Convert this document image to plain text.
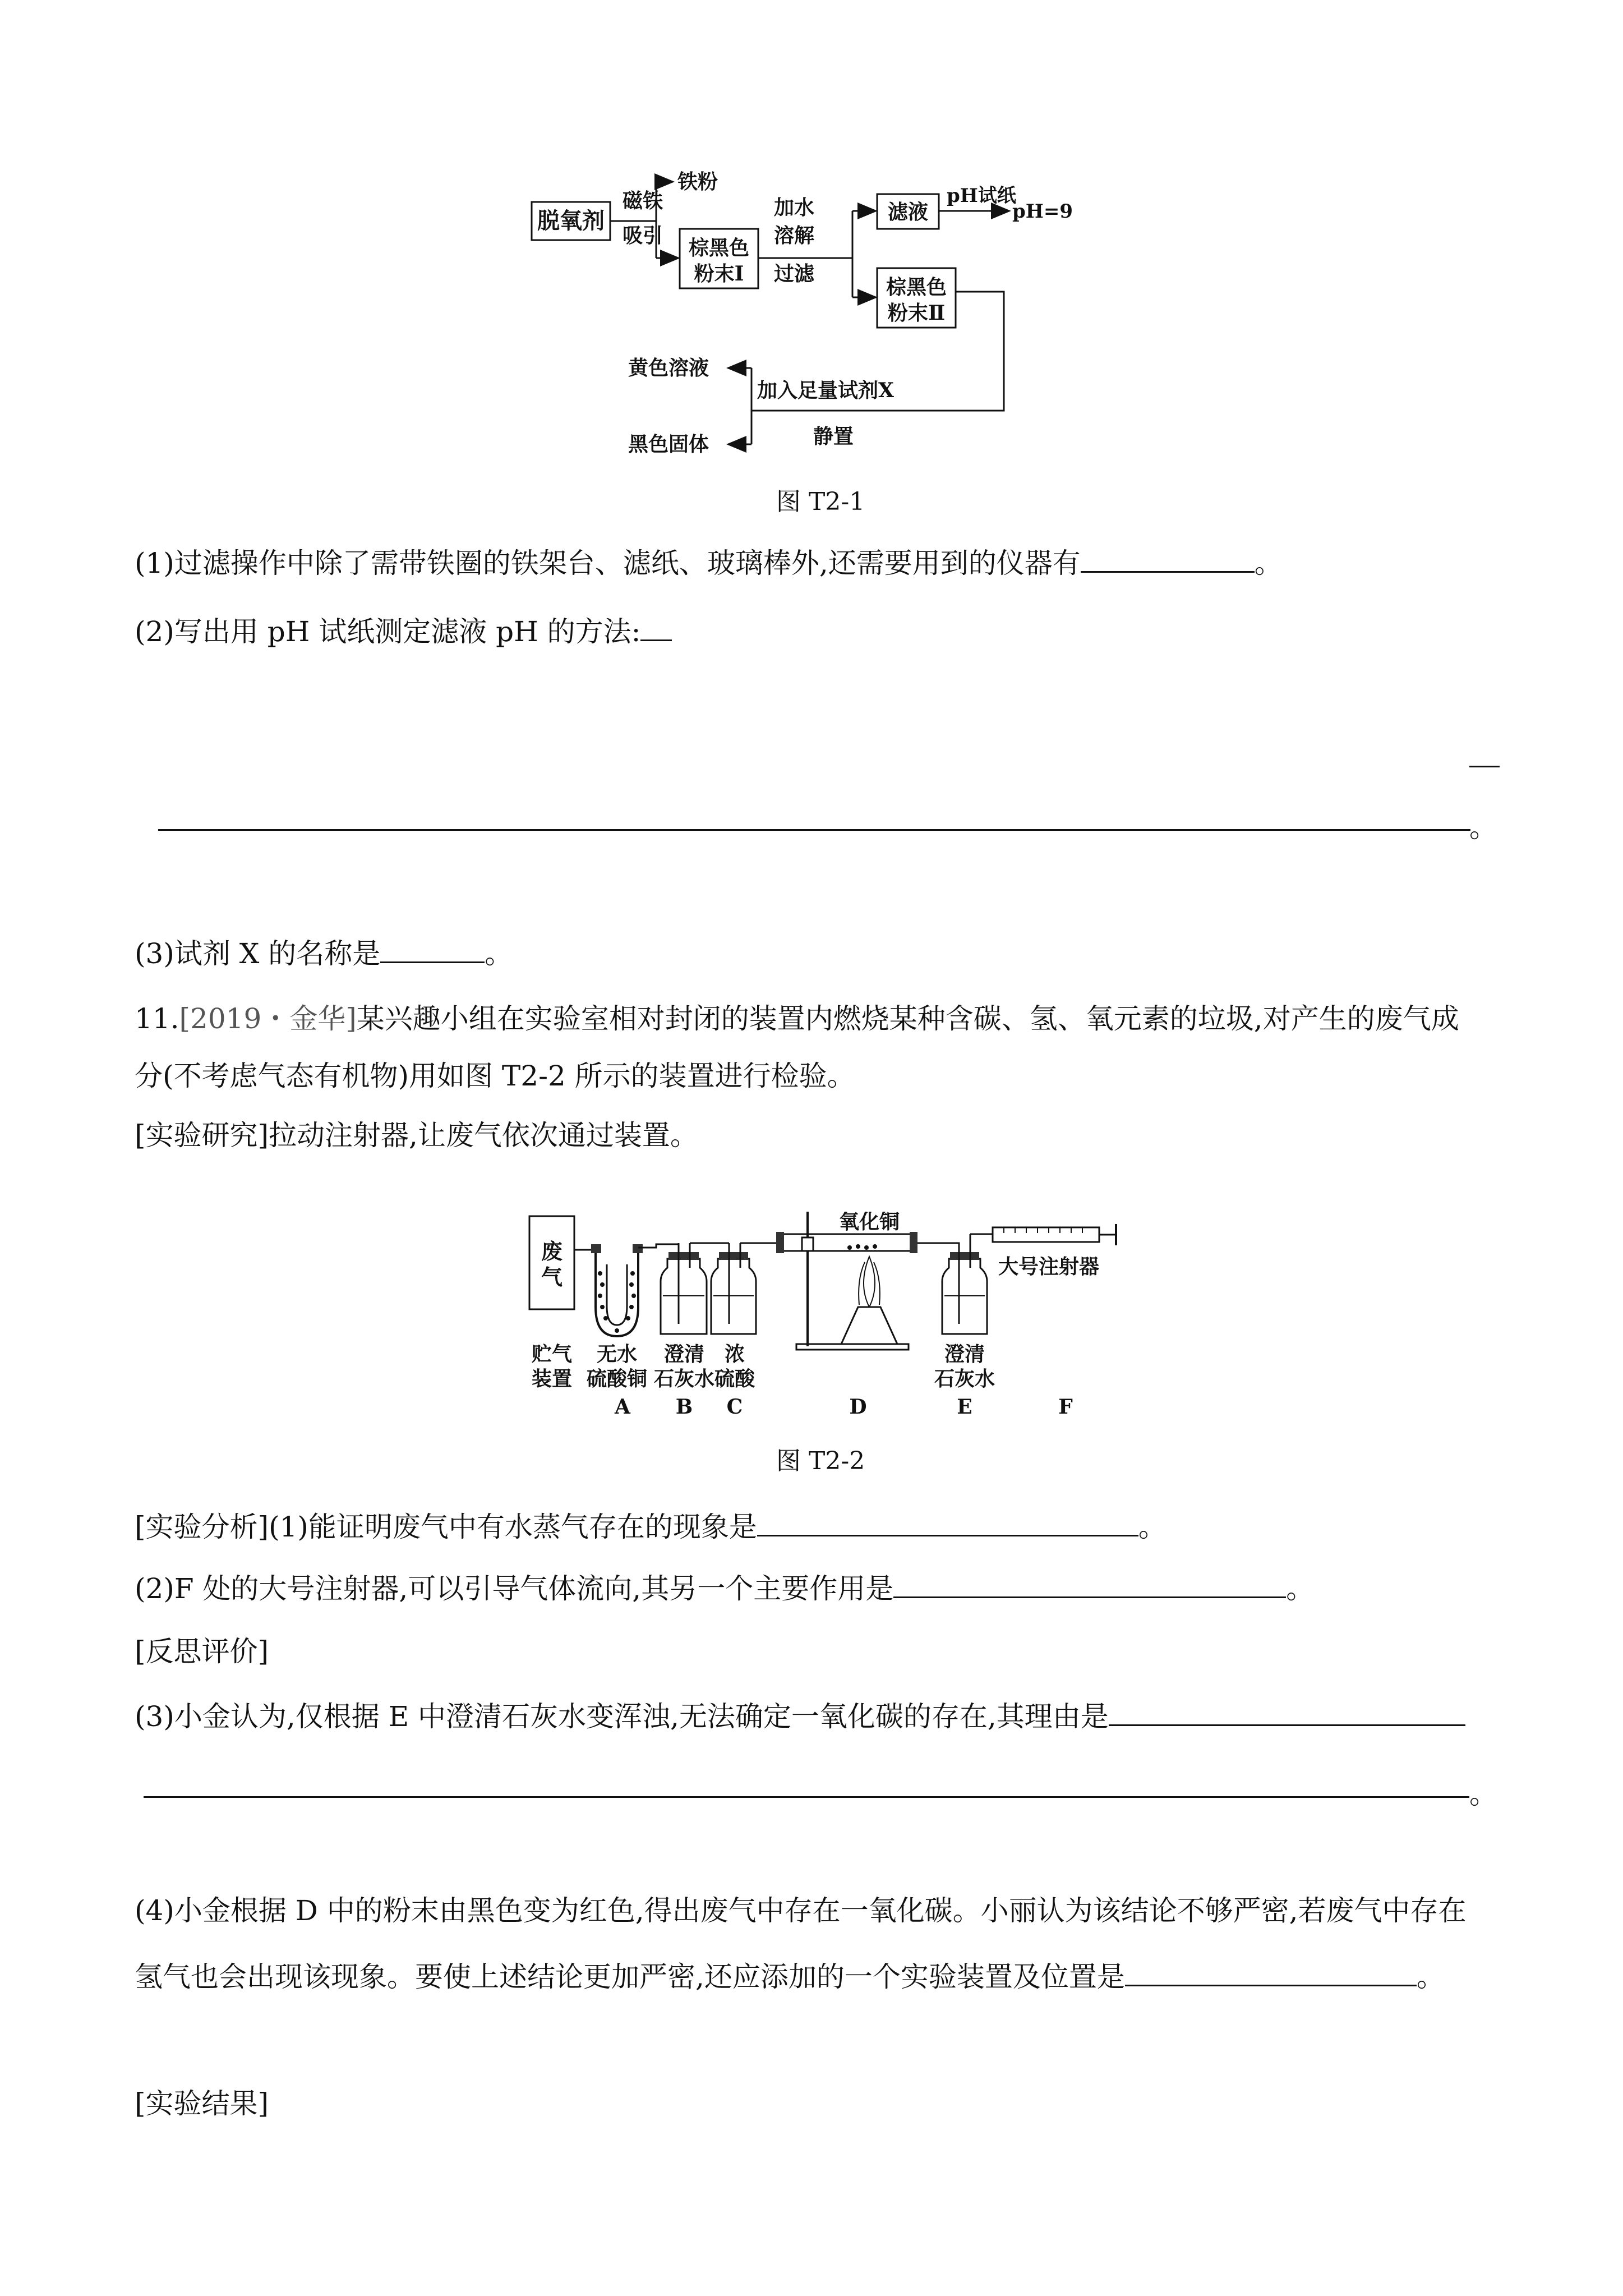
脱氧剂
磁铁
吸引
铁粉
棕黑色
粉末Ⅰ
加水
溶解
过滤
滤液
pH试纸
pH=9
棕黑色
粉末Ⅱ
加入足量试剂X
静置
黄色溶液
黑色固体
图 T2-1
(1)过滤操作中除了需带铁圈的铁架台、滤纸、玻璃棒外,还需要用到的仪器有	。
(2)写出用 pH 试纸测定滤液 pH 的方法:
。
(3)试剂 X 的名称是	。
11.[2019・金华]某兴趣小组在实验室相对封闭的装置内燃烧某种含碳、氢、氧元素的垃圾,对产生的废气成
分(不考虑气态有机物)用如图 T2-2 所示的装置进行检验。
[实验研究]拉动注射器,让废气依次通过装置。
废
气
氧化铜
大号注射器
贮气
装置
无水
硫酸铜
澄清
石灰水
浓
硫酸
澄清
石灰水
A B C	D	E	F
图 T2-2
[实验分析](1)能证明废气中有水蒸气存在的现象是	。
(2)F 处的大号注射器,可以引导气体流向,其另一个主要作用是	。
[反思评价]
(3)小金认为,仅根据 E 中澄清石灰水变浑浊,无法确定一氧化碳的存在,其理由是
。
(4)小金根据 D 中的粉末由黑色变为红色,得出废气中存在一氧化碳。小丽认为该结论不够严密,若废气中存在
氢气也会出现该现象。要使上述结论更加严密,还应添加的一个实验装置及位置是	。
[实验结果]
